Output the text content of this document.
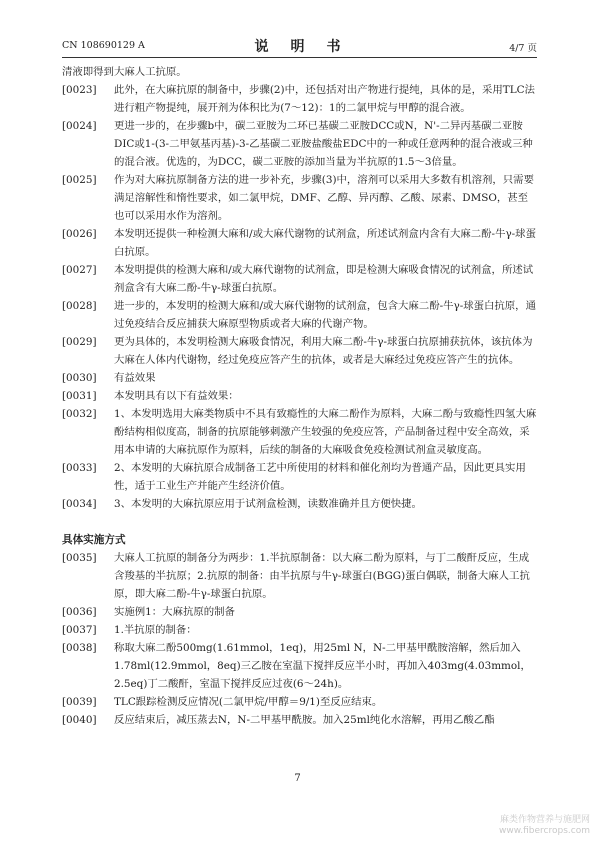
CN 108690129 A	说　明　书	4/7 页

清液即得到大麻人工抗原。

[0023] 此外，在大麻抗原的制备中，步骤(2)中，还包括对出产物进行提纯，具体的是，采用TLC法进行粗产物提纯，展开剂为体积比为(7～12)：1的二氯甲烷与甲醇的混合液。

[0024] 更进一步的，在步骤b中，碳二亚胺为二环已基碳二亚胺DCC或N，N'-二异丙基碳二亚胺DIC或1-(3-二甲氨基丙基)-3-乙基碳二亚胺盐酸盐EDC中的一种或任意两种的混合液或三种的混合液。优选的，为DCC，碳二亚胺的添加当量为半抗原的1.5～3倍量。

[0025] 作为对大麻抗原制备方法的进一步补充，步骤(3)中，溶剂可以采用大多数有机溶剂，只需要满足溶解性和惰性要求，如二氯甲烷，DMF、乙醇、异丙醇、乙酸、尿素、DMSO，甚至也可以采用水作为溶剂。

[0026] 本发明还提供一种检测大麻和/或大麻代谢物的试剂盒，所述试剂盒内含有大麻二酚-牛γ-球蛋白抗原。

[0027] 本发明提供的检测大麻和/或大麻代谢物的试剂盒，即是检测大麻吸食情况的试剂盒，所述试剂盒含有大麻二酚-牛γ-球蛋白抗原。

[0028] 进一步的，本发明的检测大麻和/或大麻代谢物的试剂盒，包含大麻二酚-牛γ-球蛋白抗原，通过免疫结合反应捕获大麻原型物质或者大麻的代谢产物。

[0029] 更为具体的，本发明检测大麻吸食情况，利用大麻二酚-牛γ-球蛋白抗原捕获抗体，该抗体为大麻在人体内代谢物，经过免疫应答产生的抗体，或者是大麻经过免疫应答产生的抗体。

[0030] 有益效果

[0031] 本发明具有以下有益效果：

[0032] 1、本发明选用大麻类物质中不具有致瘾性的大麻二酚作为原料，大麻二酚与致瘾性四氢大麻酚结构相似度高，制备的抗原能够刺激产生较强的免疫应答，产品制备过程中安全高效，采用本申请的大麻抗原作为原料，后续的制备的大麻吸食免疫检测试剂盒灵敏度高。

[0033] 2、本发明的大麻抗原合成制备工艺中所使用的材料和催化剂均为普通产品，因此更具实用性，适于工业生产并能产生经济价值。

[0034] 3、本发明的大麻抗原应用于试剂盒检测，读数准确并且方便快捷。

具体实施方式

[0035] 大麻人工抗原的制备分为两步：1.半抗原制备：以大麻二酚为原料，与丁二酸酐反应，生成含羧基的半抗原；2.抗原的制备：由半抗原与牛γ-球蛋白(BGG)蛋白偶联，制备大麻人工抗原，即大麻二酚-牛γ-球蛋白抗原。

[0036] 实施例1：大麻抗原的制备

[0037] 1.半抗原的制备：

[0038] 称取大麻二酚500mg(1.61mmol，1eq)，用25ml N，N-二甲基甲酰胺溶解，然后加入1.78ml(12.9mmol，8eq)三乙胺在室温下搅拌反应半小时，再加入403mg(4.03mmol，2.5eq)丁二酸酐，室温下搅拌反应过夜(6～24h)。

[0039] TLC跟踪检测反应情况(二氯甲烷/甲醇＝9/1)至反应结束。

[0040] 反应结束后，减压蒸去N，N-二甲基甲酰胺。加入25ml纯化水溶解，再用乙酸乙酯

7
麻类作物营养与施肥网
www.fibercrops.com
